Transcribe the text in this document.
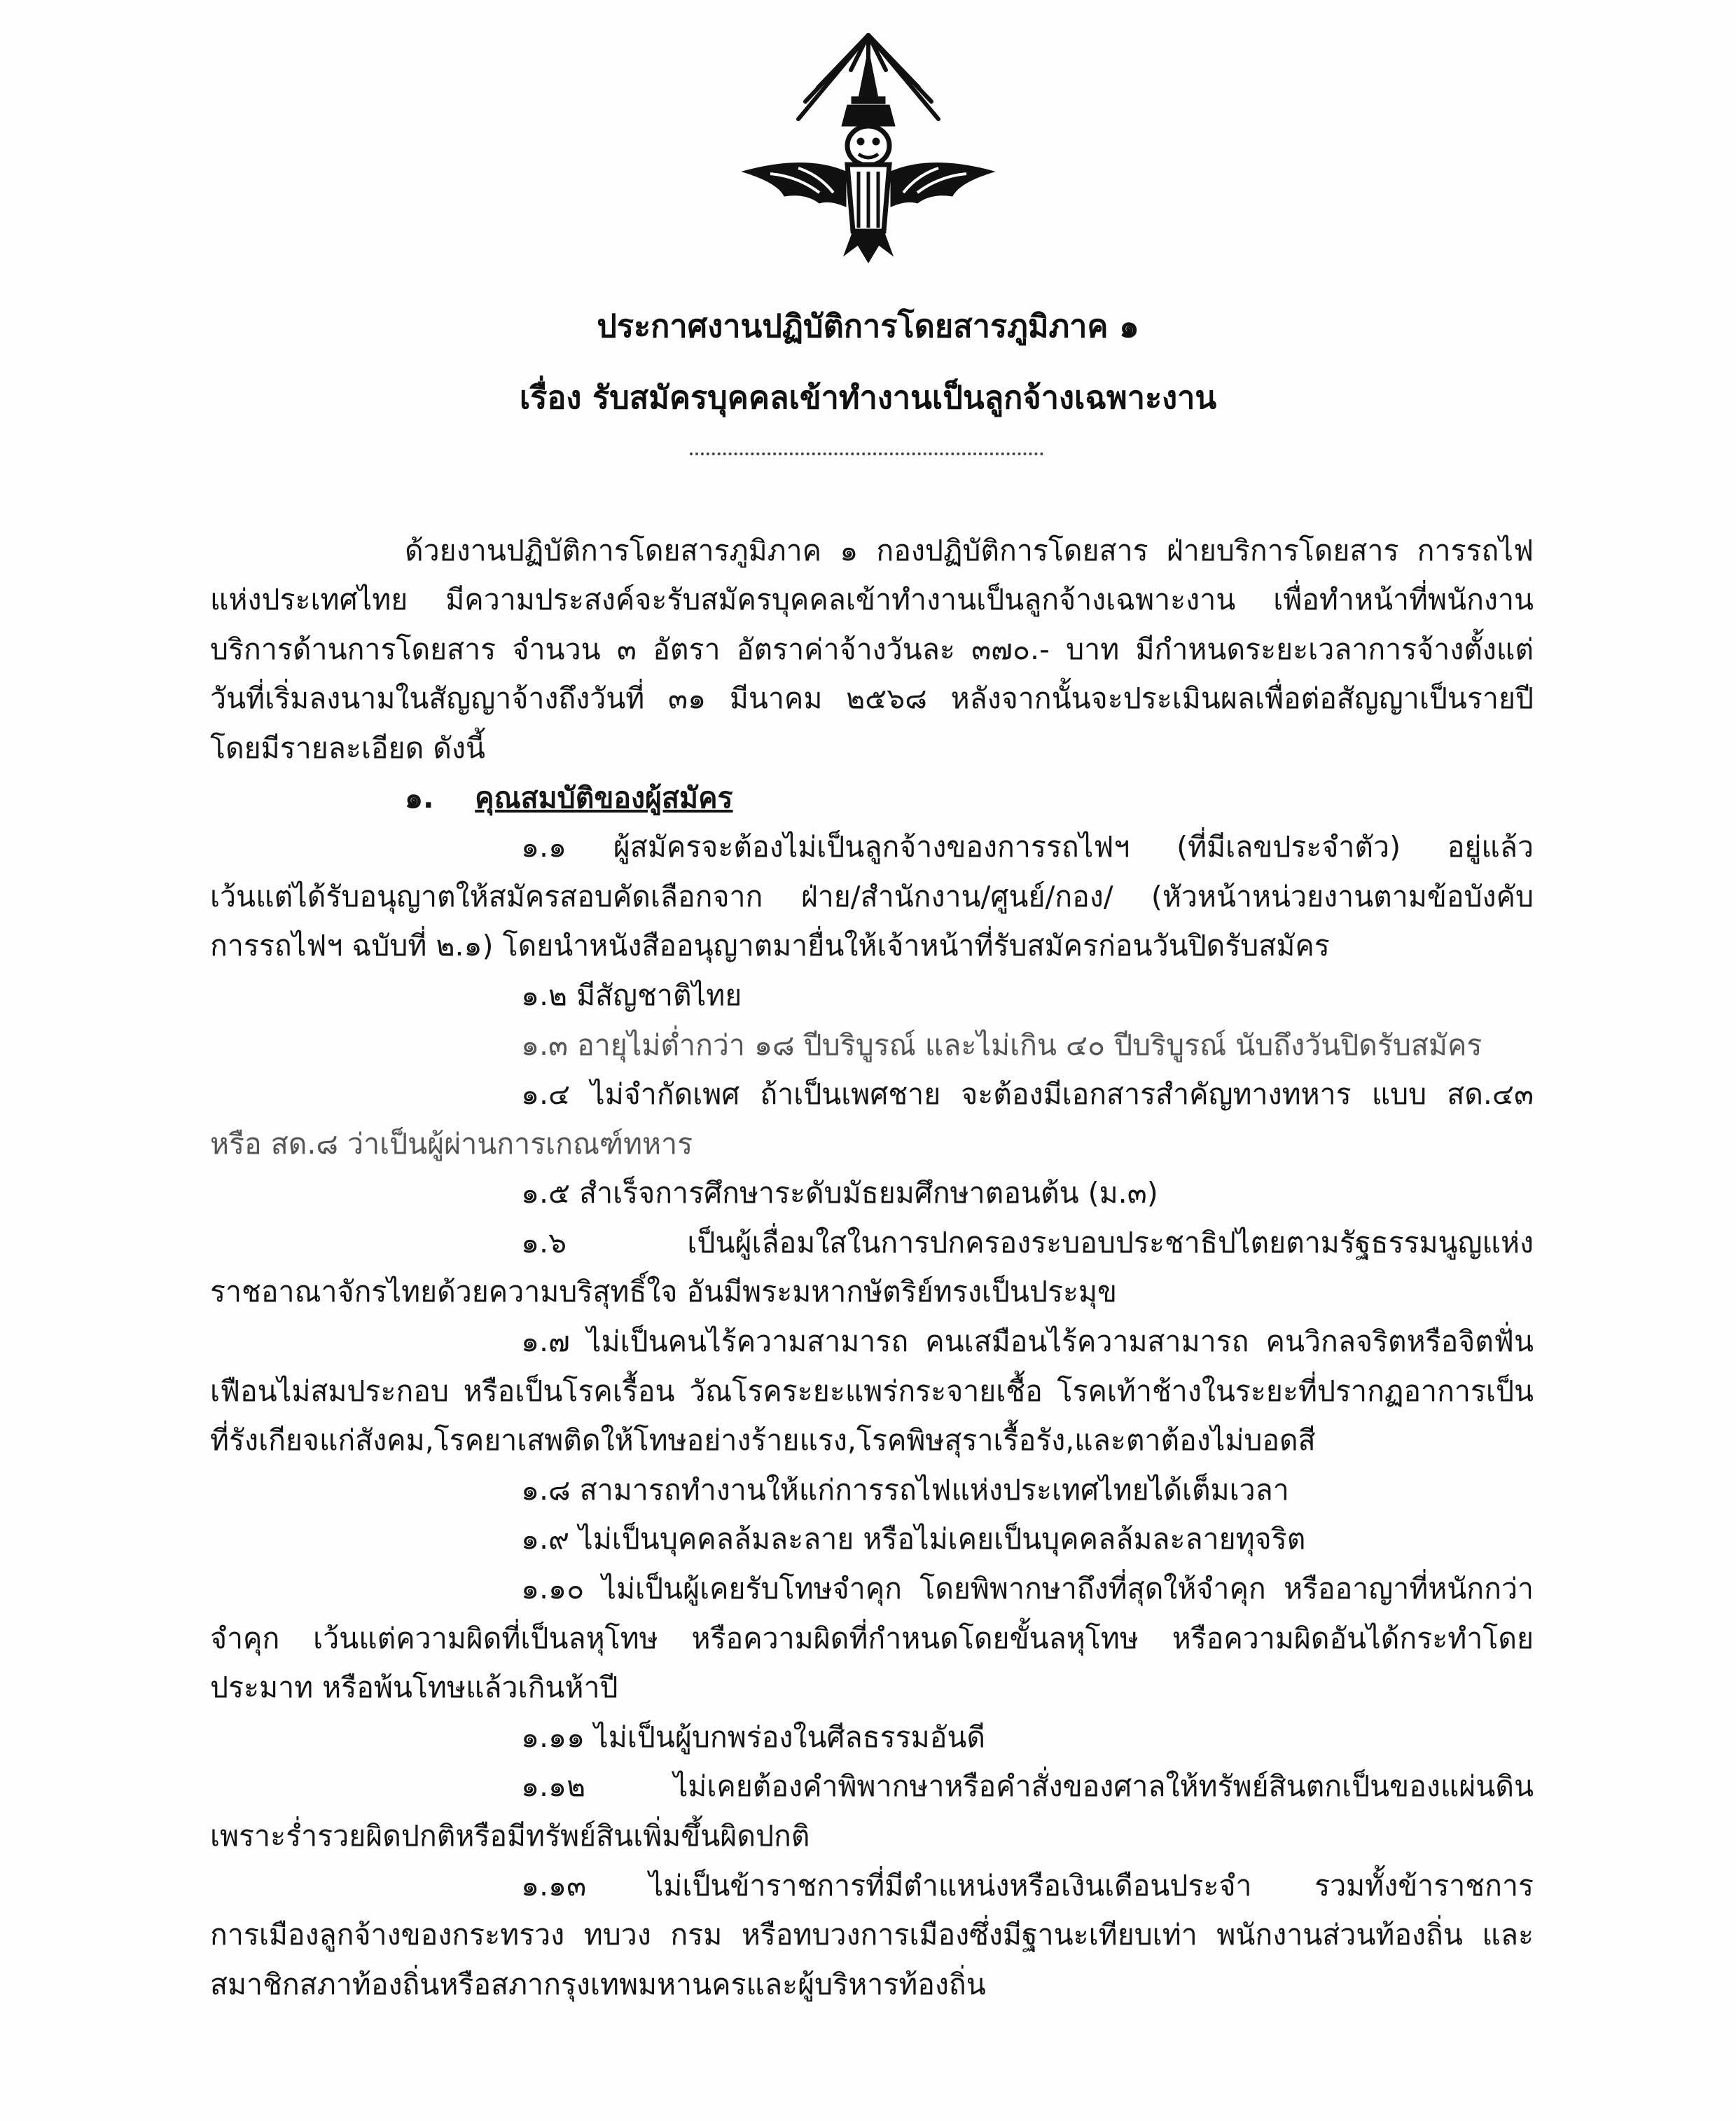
ประกาศงานปฏิบัติการโดยสารภูมิภาค ๑
เรื่อง รับสมัครบุคคลเข้าทำงานเป็นลูกจ้างเฉพาะงาน
ด้วยงานปฏิบัติการโดยสารภูมิภาค ๑ กองปฏิบัติการโดยสาร ฝ่ายบริการโดยสาร การรถไฟ
แห่งประเทศไทย มีความประสงค์จะรับสมัครบุคคลเข้าทำงานเป็นลูกจ้างเฉพาะงาน เพื่อทำหน้าที่พนักงาน
บริการด้านการโดยสาร จำนวน ๓ อัตรา อัตราค่าจ้างวันละ ๓๗๐.- บาท มีกำหนดระยะเวลาการจ้างตั้งแต่
วันที่เริ่มลงนามในสัญญาจ้างถึงวันที่ ๓๑ มีนาคม ๒๕๖๘ หลังจากนั้นจะประเมินผลเพื่อต่อสัญญาเป็นรายปี
โดยมีรายละเอียด ดังนี้
๑. คุณสมบัติของผู้สมัคร
๑.๑ ผู้สมัครจะต้องไม่เป็นลูกจ้างของการรถไฟฯ (ที่มีเลขประจำตัว) อยู่แล้ว
เว้นแต่ได้รับอนุญาตให้สมัครสอบคัดเลือกจาก ฝ่าย/สำนักงาน/ศูนย์/กอง/ (หัวหน้าหน่วยงานตามข้อบังคับ
การรถไฟฯ ฉบับที่ ๒.๑) โดยนำหนังสืออนุญาตมายื่นให้เจ้าหน้าที่รับสมัครก่อนวันปิดรับสมัคร
๑.๒ มีสัญชาติไทย
๑.๓ อายุไม่ต่ำกว่า ๑๘ ปีบริบูรณ์ และไม่เกิน ๔๐ ปีบริบูรณ์ นับถึงวันปิดรับสมัคร
๑.๔ ไม่จำกัดเพศ ถ้าเป็นเพศชาย จะต้องมีเอกสารสำคัญทางทหาร แบบ สด.๔๓
หรือ สด.๘ ว่าเป็นผู้ผ่านการเกณฑ์ทหาร
๑.๕ สำเร็จการศึกษาระดับมัธยมศึกษาตอนต้น (ม.๓)
๑.๖ เป็นผู้เลื่อมใสในการปกครองระบอบประชาธิปไตยตามรัฐธรรมนูญแห่ง
ราชอาณาจักรไทยด้วยความบริสุทธิ์ใจ อันมีพระมหากษัตริย์ทรงเป็นประมุข
๑.๗ ไม่เป็นคนไร้ความสามารถ คนเสมือนไร้ความสามารถ คนวิกลจริตหรือจิตฟั่น
เฟือนไม่สมประกอบ หรือเป็นโรคเรื้อน วัณโรคระยะแพร่กระจายเชื้อ โรคเท้าช้างในระยะที่ปรากฏอาการเป็น
ที่รังเกียจแก่สังคม,โรคยาเสพติดให้โทษอย่างร้ายแรง,โรคพิษสุราเรื้อรัง,และตาต้องไม่บอดสี
๑.๘ สามารถทำงานให้แก่การรถไฟแห่งประเทศไทยได้เต็มเวลา
๑.๙ ไม่เป็นบุคคลล้มละลาย หรือไม่เคยเป็นบุคคลล้มละลายทุจริต
๑.๑๐ ไม่เป็นผู้เคยรับโทษจำคุก โดยพิพากษาถึงที่สุดให้จำคุก หรืออาญาที่หนักกว่า
จำคุก เว้นแต่ความผิดที่เป็นลหุโทษ หรือความผิดที่กำหนดโดยขั้นลหุโทษ หรือความผิดอันได้กระทำโดย
ประมาท หรือพ้นโทษแล้วเกินห้าปี
๑.๑๑ ไม่เป็นผู้บกพร่องในศีลธรรมอันดี
๑.๑๒ ไม่เคยต้องคำพิพากษาหรือคำสั่งของศาลให้ทรัพย์สินตกเป็นของแผ่นดิน
เพราะร่ำรวยผิดปกติหรือมีทรัพย์สินเพิ่มขึ้นผิดปกติ
๑.๑๓ ไม่เป็นข้าราชการที่มีตำแหน่งหรือเงินเดือนประจำ รวมทั้งข้าราชการ
การเมืองลูกจ้างของกระทรวง ทบวง กรม หรือทบวงการเมืองซึ่งมีฐานะเทียบเท่า พนักงานส่วนท้องถิ่น และ
สมาชิกสภาท้องถิ่นหรือสภากรุงเทพมหานครและผู้บริหารท้องถิ่น
